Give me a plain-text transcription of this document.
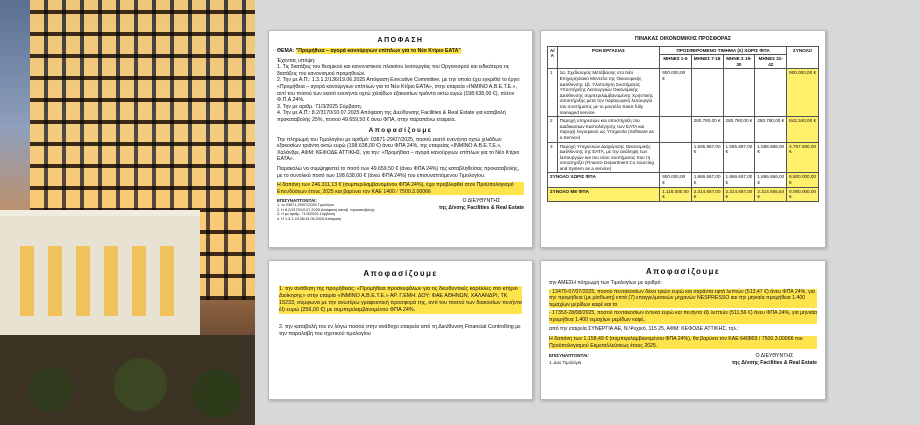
ΑΠΟΦΑΣΗ
ΘΕΜΑ: "Προμήθεια – αγορά κανούργιων επίπλων για το Νέο Κτίριο ΕΑΤΑ"
Έχοντας υπόψη:
1. Τις διατάξεις του θεσμικού και κανονιστικού πλαισίου λειτουργίας του Οργανισμού και ειδικότερα τις διατάξεις του κανονισμού προμηθειών.
2. Την με Α.Π.: 1.3.1.2/136/19.06.2025 Απόφαση Executive Committee, με την οποία έχει εγκριθεί το έργο: «Προμήθεια – αγορά κανούργιων επίπλων για το Νέο Κτίριο ΕΑΤΑ», στην εταιρεία «ΙΝΜΙΝΟ Α.Β.Ε.Τ.Ε.», αντί του ποσού των εκατό ενενήντα οχτώ χιλιάδων εξακοσίων τριάντα οκτώ ευρώ (198.638,00 €), πλέον Φ.Π.Α.24%.
3. Την με αριθμ. 71/3/2025 Σύμβαση.
4. Την με Α.Π.: 8.2/3170/10.07.2025 Απόφαση της Διεύθυνσης Facilities & Real Estate για καταβολή προκαταβολής 25%, ποσού 49.659,50 € άνευ ΦΠΑ, στην παραπάνω εταιρεία.
Αποφασίζουμε
Την πληρωμή του Τιμολογίου με αριθμό: 03871-29/07/2025, ποσού εκατό ενενήντα οχτώ χιλιάδων εξακοσίων τριάντα οκτώ ευρώ (198.638,00 €) άνευ ΦΠΑ 24%, της εταιρείας «ΙΝΜΙΝΟ Α.Β.Ε.Τ.Ε.», Χαλάνδρι, ΑΦΜ: ΚΕΦΟΔΕ ΑΤΤΙΚΗΣ, για την: «Προμήθεια – αγορά κανούργιων επίπλων για το Νέο Κτίριο ΕΑΤΑ».
Παρακαλώ να συμψηφιστεί το ποσό των 49.659,50 € (άνευ ΦΠΑ 24%) της καταβληθείσας προκαταβολής, με το συνολικό ποσό των 198.638,00 € (άνευ ΦΠΑ 24%) του επισυναπτόμενου Τιμολογίου.
Η δαπάνη των 246.311,13 € (συμπεριλαμβανομένου ΦΠΑ 24%), έχει προβλεφθεί στον Προϋπολογισμό Επενδύσεων έτους 2025 και βαρύνει τον ΚΑΕ 1400 / 7500.3.00066
ΕΠΙΣΥΝΑΠΤΟΝΤΑΙ:
1. το 03871-29/07/2025 Τιμολόγιο
2. Η 8.2/3170/10.07.2025 Απόφαση καταβ. προκαταβολής
3. Η με αριθμ. 71/3/2025 Σύμβαση
4. Η 1.3.1.2/136/19.06.2025 Απόφαση
Ο ΔΙΕΥΘΥΝΤΗΣ
της Δ/νσης Facilities & Real Estate
ΠΙΝΑΚΑΣ ΟΙΚΟΝΟΜΙΚΗΣ ΠΡΟΣΦΟΡΑΣ
Α/Α	ΡΟΗ ΕΡΓΑΣΙΑΣ	ΠΡΟΣΦΕΡΟΜΕΝΟ ΤΙΜΗΜΑ (€) ΧΩΡΙΣ ΦΠΑ				ΣΥΝΟΛΟ
		ΜΗΝΕΣ 1-6	ΜΗΝΕΣ 7-18	ΜΗΝΕ Σ 19-30	ΜΗΝΕΣ 31-42	
1	1α. Σχεδιασμός Μετάβασης στο Νέο Επιχειρησιακό Μοντέλο της Οικονομικής Διεύθυνσης 1β. Υλοποίηση Συστήματος Υποστήριξης Λειτουργιών Οικονομικής Διεύθυνσης συμπεριλαμβανομένης Χρηστικής υποστήριξης μετά την παραγωγική λειτουργία του συστήματος με το μοντέλο SaaS fully managed service.	900.000,00 €				900.000,00 €
2	Παροχή υπηρεσιών και υποστήριξη του Διαδικασιών Καστολόγησης των ΕΑΤΑ και παροχή λογισμικού ως Υπηρεσία (Software as a Service)		280.780,00 €	280.780,00 €	280.780,00 €	842.340,00 €
3	Παροχή Υπηρεσιών Διαχείρισης Οικονομικής Διεύθυνσης της ΕΑΤΑ, με την ανάληψη των λειτουργιών και του νέου συστήματος που τη υποστηρίζει (Finance Department Co sourcing and System as a service)		1.585.887,00 €	1.585.887,00 €	1.585.886,00 €	4.757.660,00 €
ΣΥΝΟΛΟ ΧΩΡΙΣ ΦΠΑ		900.000,00 €	1.866.667,00 €	1.866.667,00 €	1.866.666,00 €	6.500.000,00 €
ΣΥΝΟΛΟ ΜΕ ΦΠΑ		1.116.000,00 €	2.314.667,00 €	2.314.667,00 €	2.314.665,84 €	8.060.000,00 €
Αποφασίζουμε
1. την ανάθεση της προμήθειας: «Προμήθεια προσκεφάλων για τις διευθυντικές καρέκλες στο κτήριο Διοίκησης» στην εταιρία «ΙΝΜΙΝΟ Α.Β.Ε.Τ.Ε.» ΑΡ. Γ.ΕΜΗ: ΔΟΥ: ΦΑΕ ΑΘΗΝΩΝ, ΧΑΛΑΝΔΡΙ, ΤΚ 15233, σύμφωνα με την ανωτέρω γραφειοτική προσφορά της, αντί του ποσού των διακοσίων πενήντα έξι ευρώ (256,00 €) με συμπεριλαμβανομένου ΦΠΑ 24%.
2. την καταβολή του εν λόγω ποσού στην ανάδοχο εταιρεία από τη Διεύθυνση Financial Controlling με την παραλαβή του σχετικού τιμολογίου
Αποφασίζουμε
την ΑΜΕΣΗ πληρωμή των Τιμολογίων με αριθμό:
- 13470-07/07/2025, ποσού πεντακοσίων δέκα τριών ευρώ και σαράντα εφτά λεπτών (513,47 €) άνευ ΦΠΑ 24%, για την προμήθεια (με μίσθωση) επτά (7) επαγγελματικών μηχανών NESPRESSO και την μηνιαία προμήθεια 1.400 τεμαχίων μερίδων καφέ και το
- 17353-28/08/2025, ποσού πεντακοσίων έντεκα ευρώ και πενήντα έξι λεπτών (511,56 €) άνευ ΦΠΑ 24%, για μηνιαία προμήθεια 1.400 τεμαχίων μερίδων καφέ,
από την εταιρεία ΣΥΝΕΡΓΙΑ ΑΕ, Ν.Ψυχικό, 115 25, ΑΦΜ: ΚΕΦΟΔΕ ΑΤΤΙΚΗΣ, τηλ.:
Η δαπάνη των 1.158,49 € (συμπεριλαμβανομένου ΦΠΑ 24%), θα βαρύνει τον ΚΑΕ 640803 / 7500.3.00066 του Προϋπολογισμού Εκμεταλλεύσεως έτους 2025.
ΕΠΙΣΥΝΑΠΤΟΝΤΑΙ:
1. Δυο Τιμολόγια
Ο ΔΙΕΥΘΥΝΤΗΣ
της Δ/νσης Facilities & Real Estate
